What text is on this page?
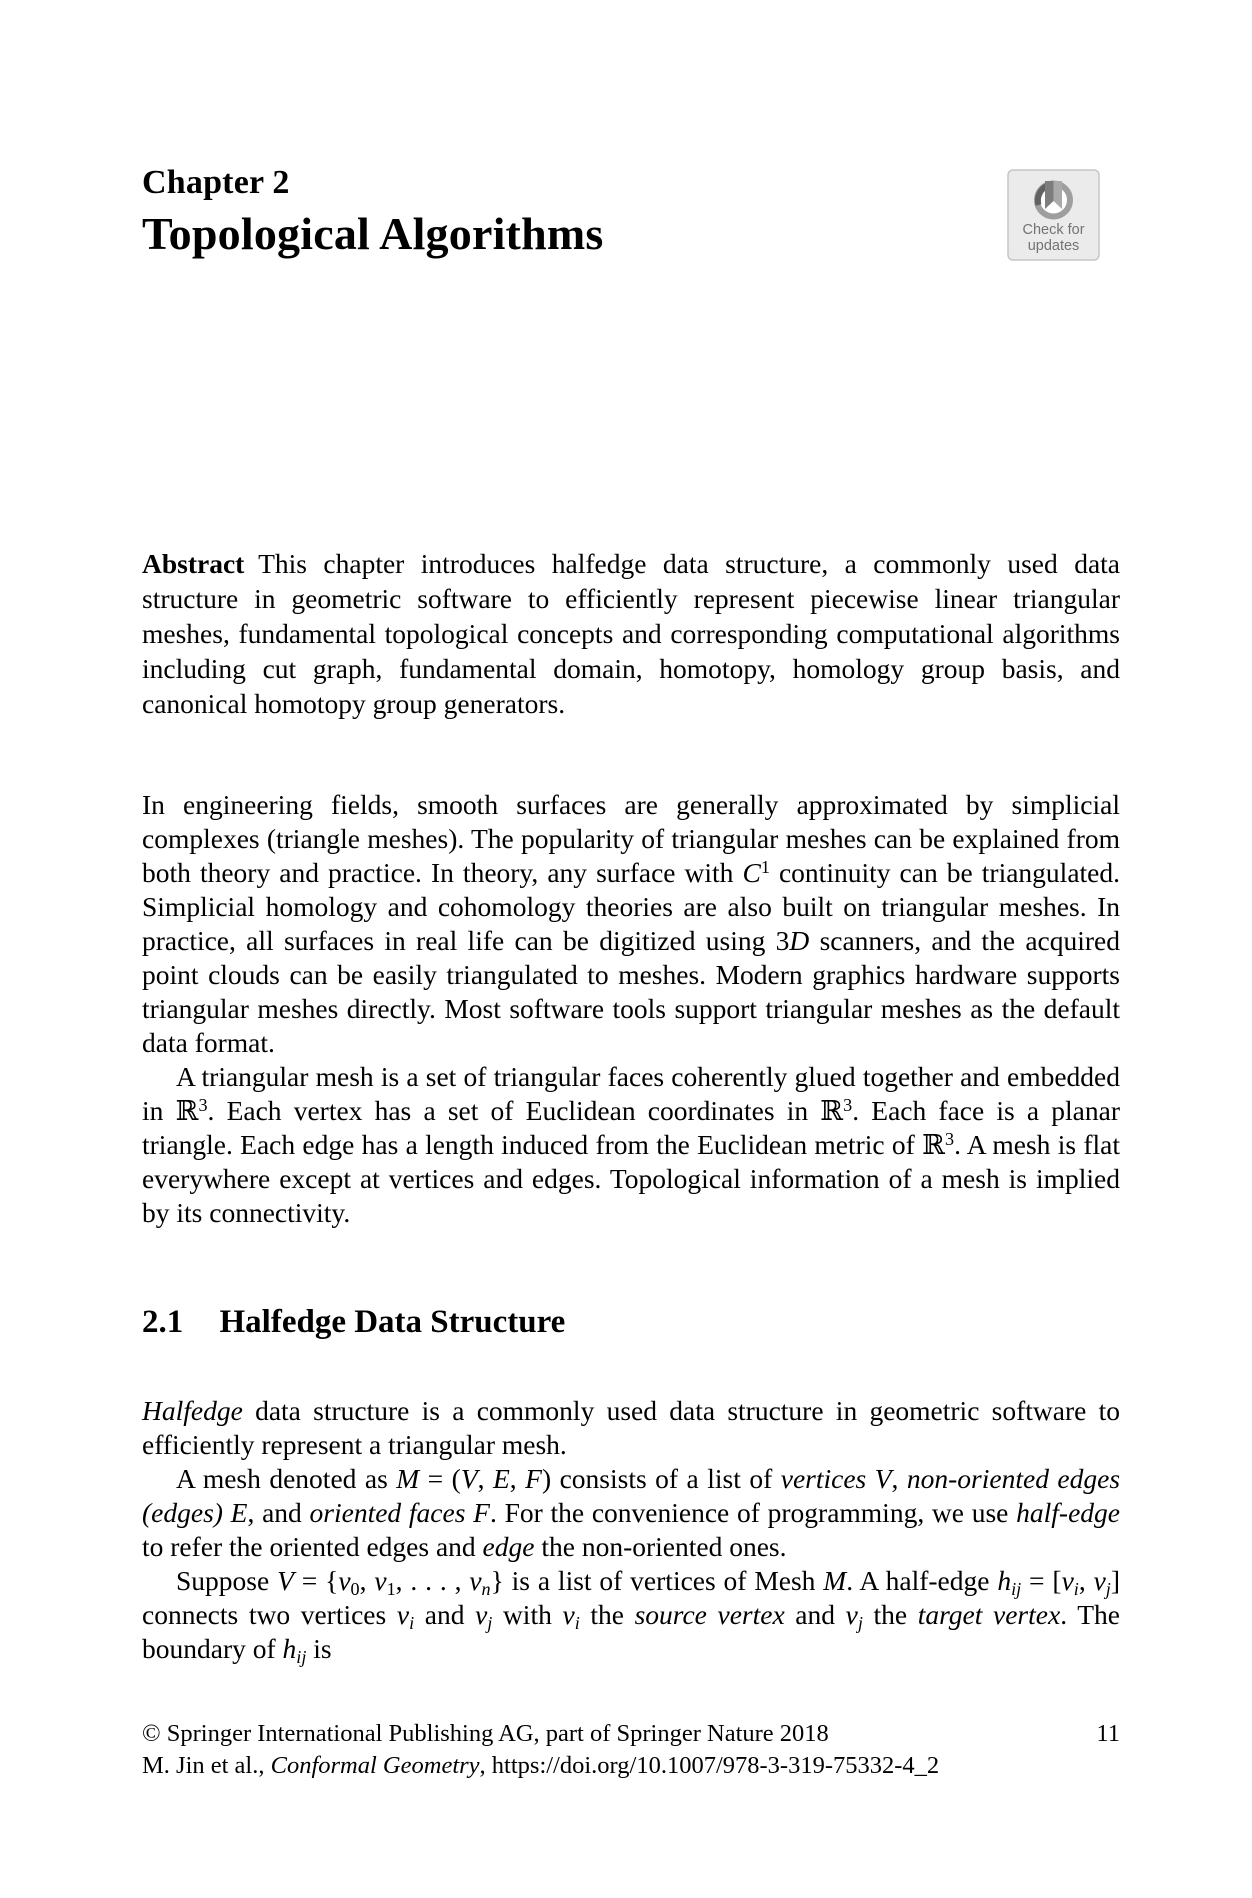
Chapter 2
Topological Algorithms	Check for
updates

Abstract This chapter introduces halfedge data structure, a commonly used data structure in geometric software to efficiently represent piecewise linear triangular meshes, fundamental topological concepts and corresponding computational algorithms including cut graph, fundamental domain, homotopy, homology group basis, and canonical homotopy group generators.

In engineering fields, smooth surfaces are generally approximated by simplicial complexes (triangle meshes). The popularity of triangular meshes can be explained from both theory and practice. In theory, any surface with $C^1$ continuity can be triangulated. Simplicial homology and cohomology theories are also built on triangular meshes. In practice, all surfaces in real life can be digitized using 3D scanners, and the acquired point clouds can be easily triangulated to meshes. Modern graphics hardware supports triangular meshes directly. Most software tools support triangular meshes as the default data format.

A triangular mesh is a set of triangular faces coherently glued together and embedded in ℝ$^3$. Each vertex has a set of Euclidean coordinates in ℝ$^3$. Each face is a planar triangle. Each edge has a length induced from the Euclidean metric of ℝ$^3$. A mesh is flat everywhere except at vertices and edges. Topological information of a mesh is implied by its connectivity.

2.1 Halfedge Data Structure

Halfedge data structure is a commonly used data structure in geometric software to efficiently represent a triangular mesh.

A mesh denoted as M = (V, E, F) consists of a list of vertices V, non-oriented edges (edges) E, and oriented faces F. For the convenience of programming, we use half-edge to refer the oriented edges and edge the non-oriented ones.

Suppose V = {v0, v1, . . . , vn} is a list of vertices of Mesh M. A half-edge hij = [vi, vj] connects two vertices vi and vj with vi the source vertex and vj the target vertex. The boundary of hij is

© Springer International Publishing AG, part of Springer Nature 2018	11
M. Jin et al., Conformal Geometry, https://doi.org/10.1007/978-3-319-75332-4_2
